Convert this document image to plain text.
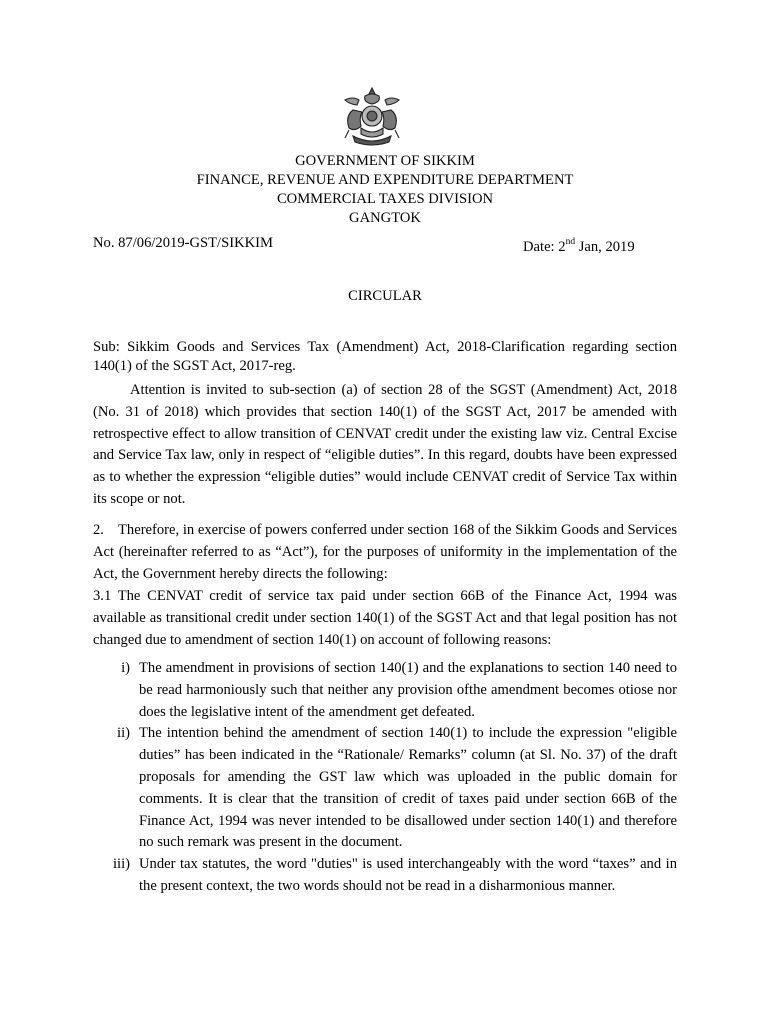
GOVERNMENT OF SIKKIM
FINANCE, REVENUE AND EXPENDITURE DEPARTMENT
COMMERCIAL TAXES DIVISION
GANGTOK
No. 87/06/2019-GST/SIKKIM	Date: 2nd Jan, 2019
CIRCULAR
Sub: Sikkim Goods and Services Tax (Amendment) Act, 2018-Clarification regarding section 140(1) of the SGST Act, 2017-reg.
Attention is invited to sub-section (a) of section 28 of the SGST (Amendment) Act, 2018 (No. 31 of 2018) which provides that section 140(1) of the SGST Act, 2017 be amended with retrospective effect to allow transition of CENVAT credit under the existing law viz. Central Excise and Service Tax law, only in respect of “eligible duties”. In this regard, doubts have been expressed as to whether the expression “eligible duties” would include CENVAT credit of Service Tax within its scope or not.
2. Therefore, in exercise of powers conferred under section 168 of the Sikkim Goods and Services Act (hereinafter referred to as “Act”), for the purposes of uniformity in the implementation of the Act, the Government hereby directs the following:
3.1 The CENVAT credit of service tax paid under section 66B of the Finance Act, 1994 was available as transitional credit under section 140(1) of the SGST Act and that legal position has not changed due to amendment of section 140(1) on account of following reasons:
i) The amendment in provisions of section 140(1) and the explanations to section 140 need to be read harmoniously such that neither any provision ofthe amendment becomes otiose nor does the legislative intent of the amendment get defeated.
ii) The intention behind the amendment of section 140(1) to include the expression "eligible duties” has been indicated in the “Rationale/ Remarks” column (at Sl. No. 37) of the draft proposals for amending the GST law which was uploaded in the public domain for comments. It is clear that the transition of credit of taxes paid under section 66B of the Finance Act, 1994 was never intended to be disallowed under section 140(1) and therefore no such remark was present in the document.
iii) Under tax statutes, the word "duties" is used interchangeably with the word “taxes” and in the present context, the two words should not be read in a disharmonious manner.
